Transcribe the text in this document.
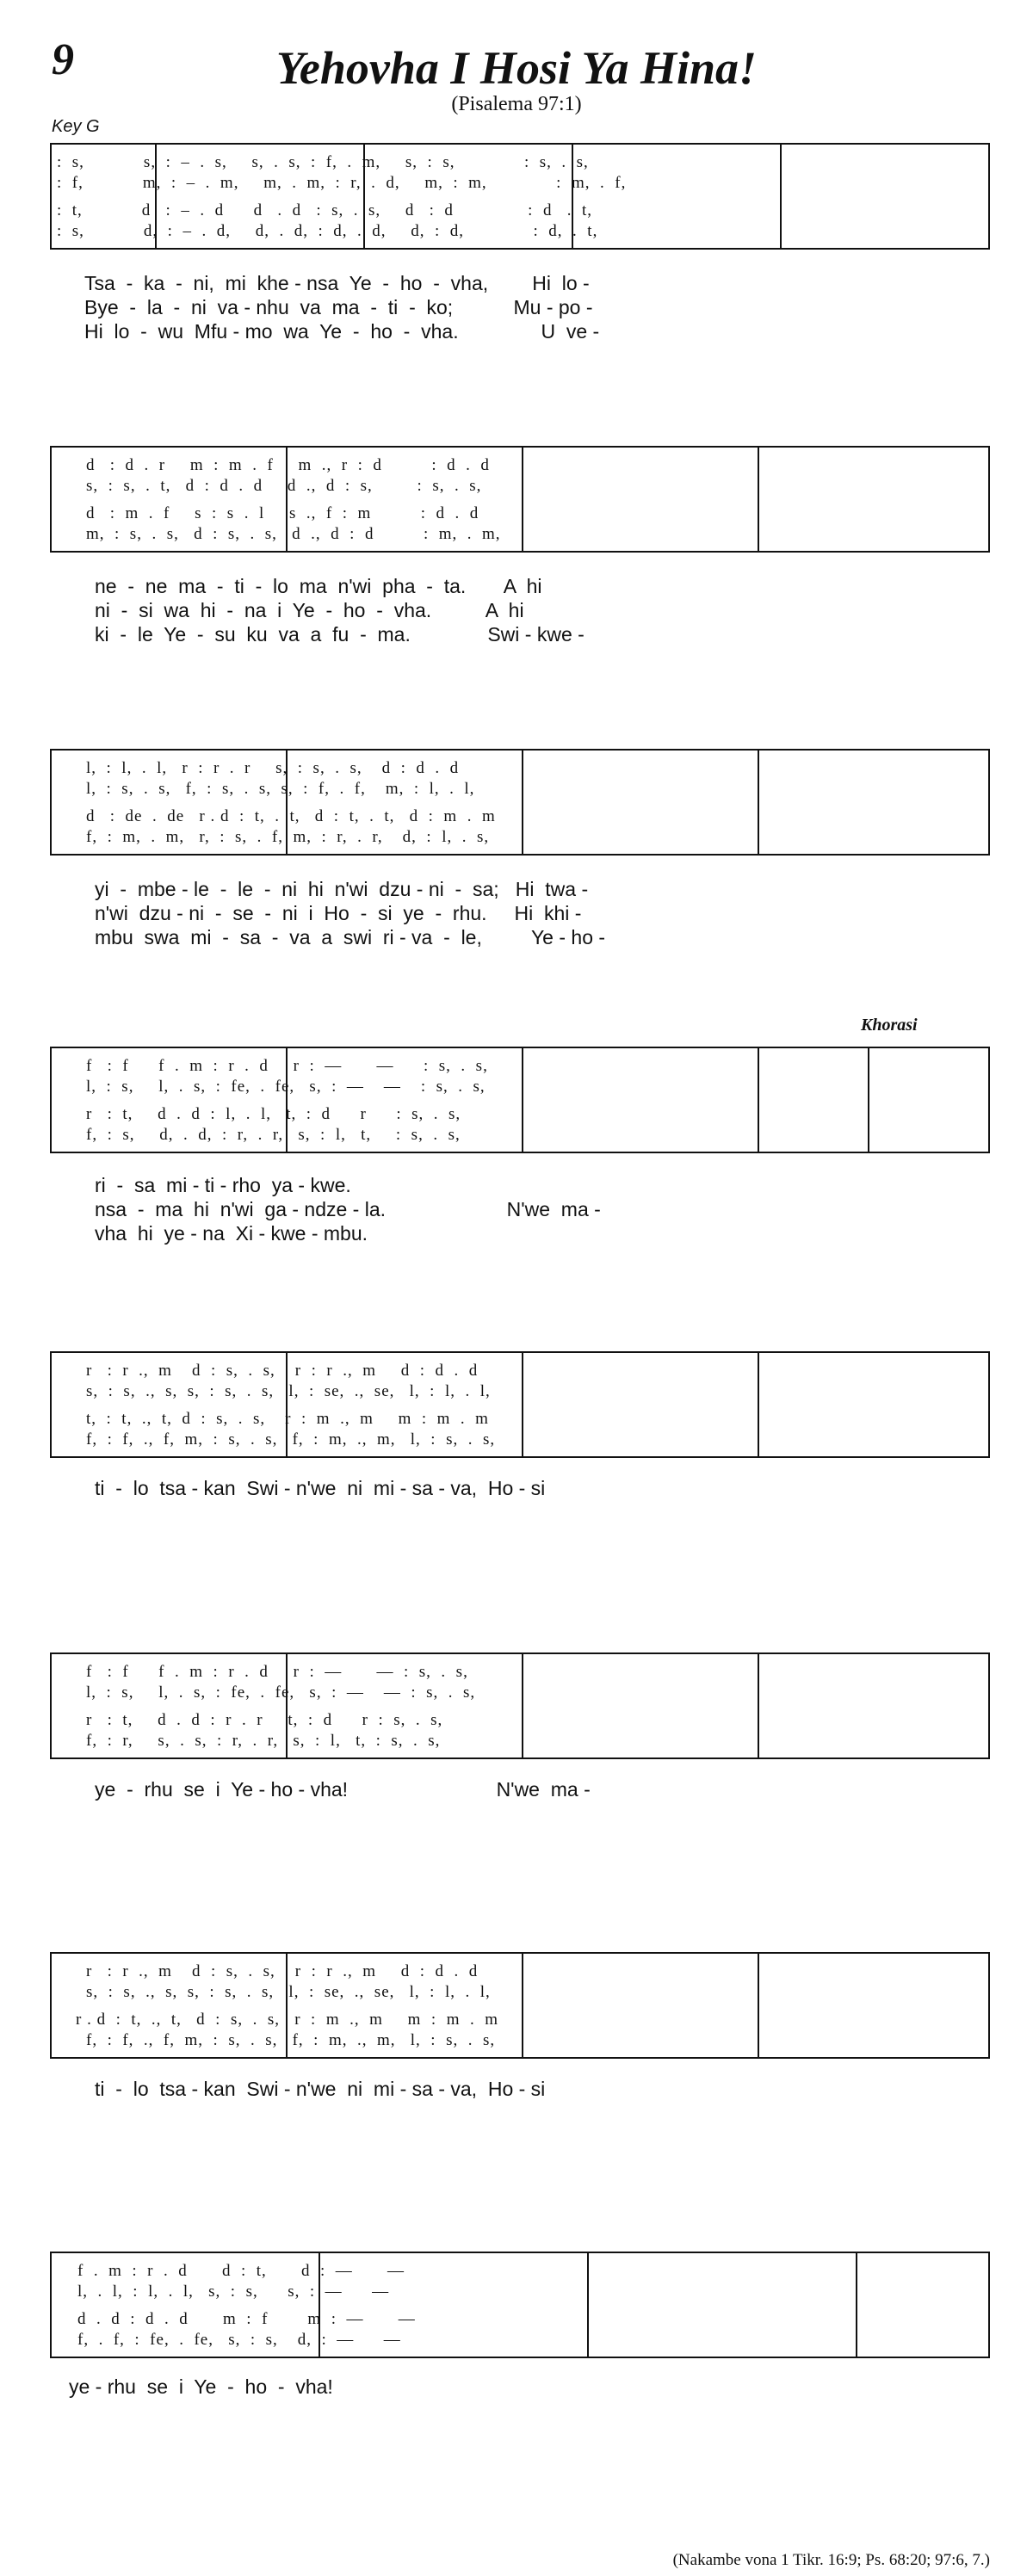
9	Yehovha I Hosi Ya Hina!
(Pisalema 97:1)
Key G
Khorasi
:  s,            s,  :  –  .  s,     s,  .  s,  :  f,  .  m,     s,  :  s,              :  s,  .  s,
:  f,            m,  :  –  .  m,     m,  .  m,  :  r,  .  d,     m,  :  m,              :  m,  .  f,
:  t,            d   :  –  .  d      d   .  d   :  s,  .  s,     d   :  d               :  d   .  t,
:  s,            d,  :  –  .  d,     d,  .  d,  :  d,  .  d,     d,  :  d,              :  d,  .  t,
Tsa  -  ka  -  ni,  mi  khe - nsa  Ye  -  ho  -  vha,        Hi  lo -
Bye  -  la  -  ni  va - nhu  va  ma  -  ti  -  ko;           Mu - po -
Hi  lo  -  wu  Mfu - mo  wa  Ye  -  ho  -  vha.               U  ve -
d   :  d  .  r     m  :  m  .  f     m  .,  r  :  d          :  d  .  d
s,  :  s,  .  t,   d  :  d  .  d     d  .,  d  :  s,         :  s,  .  s,
d   :  m  .  f     s  :  s  .  l     s  .,  f  :  m          :  d  .  d
m,  :  s,  .  s,   d  :  s,  .  s,   d  .,  d  :  d          :  m,  .  m,
ne  -  ne  ma  -  ti  -  lo  ma  n'wi  pha  -  ta.       A  hi
ni  -  si  wa  hi  -  na  i  Ye  -  ho  -  vha.          A  hi
ki  -  le  Ye  -  su  ku  va  a  fu  -  ma.              Swi - kwe -
l,  :  l,  .  l,   r  :  r  .  r     s,  :  s,  .  s,    d  :  d  .  d
l,  :  s,  .  s,   f,  :  s,  .  s,  s,  :  f,  .  f,    m,  :  l,  .  l,
d   :  de  .  de   r . d  :  t,  .  t,   d  :  t,  .  t,   d  :  m  .  m
f,  :  m,  .  m,   r,  :  s,  .  f,  m,  :  r,  .  r,    d,  :  l,  .  s,
yi  -  mbe - le  -  le  -  ni  hi  n'wi  dzu - ni  -  sa;   Hi  twa -
n'wi  dzu - ni  -  se  -  ni  i  Ho  -  si  ye  -  rhu.     Hi  khi -
mbu  swa  mi  -  sa  -  va  a  swi  ri - va  -  le,         Ye - ho -
f   :  f      f  .  m  :  r  .  d     r  :  —       —      :  s,  .  s,
l,  :  s,     l,  .  s,  :  fe,  .  fe,   s,  :  —    —    :  s,  .  s,
r   :  t,     d  .  d  :  l,  .  l,   t,  :  d      r      :  s,  .  s,
f,  :  s,     d,  .  d,  :  r,  .  r,   s,  :  l,   t,     :  s,  .  s,
ri  -  sa  mi - ti - rho  ya - kwe.
nsa  -  ma  hi  n'wi  ga - ndze - la.                      N'we  ma -
vha  hi  ye - na  Xi - kwe - mbu.
r   :  r  .,  m    d  :  s,  .  s,    r  :  r  .,  m     d  :  d  .  d
s,  :  s,  .,  s,  s,  :  s,  .  s,   l,  :  se,  .,  se,   l,  :  l,  .  l,
t,  :  t,  .,  t,  d  :  s,  .  s,    r  :  m  .,  m     m  :  m  .  m
f,  :  f,  .,  f,  m,  :  s,  .  s,   f,  :  m,  .,  m,   l,  :  s,  .  s,
ti  -  lo  tsa - kan  Swi - n'we  ni  mi - sa - va,  Ho - si
f   :  f      f  .  m  :  r  .  d     r  :  —       —  :  s,  .  s,
l,  :  s,     l,  .  s,  :  fe,  .  fe,   s,  :  —    —  :  s,  .  s,
r   :  t,     d  .  d  :  r  .  r     t,  :  d      r  :  s,  .  s,
f,  :  r,     s,  .  s,  :  r,  .  r,   s,  :  l,   t,  :  s,  .  s,
ye  -  rhu  se  i  Ye - ho - vha!                           N'we  ma -
r   :  r  .,  m    d  :  s,  .  s,    r  :  r  .,  m     d  :  d  .  d
s,  :  s,  .,  s,  s,  :  s,  .  s,   l,  :  se,  .,  se,   l,  :  l,  .  l,
r . d  :  t,  .,  t,   d  :  s,  .  s,   r  :  m  .,  m     m  :  m  .  m
f,  :  f,  .,  f,  m,  :  s,  .  s,   f,  :  m,  .,  m,   l,  :  s,  .  s,
ti  -  lo  tsa - kan  Swi - n'we  ni  mi - sa - va,  Ho - si
f  .  m  :  r  .  d       d  :  t,       d  :  —       —
l,  .  l,  :  l,  .  l,   s,  :  s,      s,  :  —      —
d  .  d  :  d  .  d       m  :  f        m  :  —       —
f,  .  f,  :  fe,  .  fe,   s,  :  s,    d,  :  —      —
ye - rhu  se  i  Ye  -  ho  -  vha!
(Nakambe vona 1 Tikr. 16:9; Ps. 68:20; 97:6, 7.)
